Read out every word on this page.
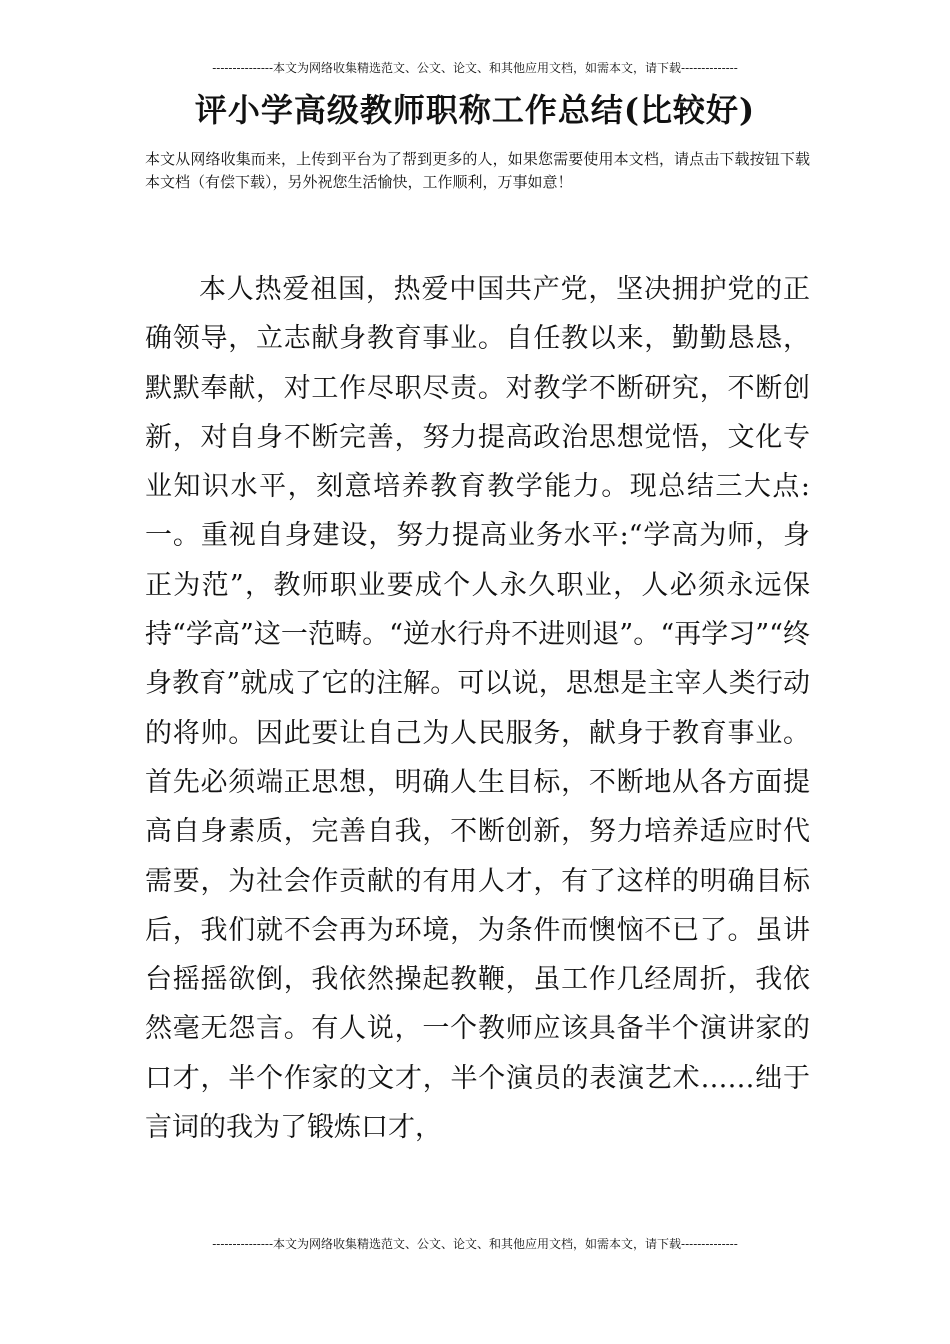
---------------本文为网络收集精选范文、公文、论文、和其他应用文档，如需本文，请下载--------------
评小学高级教师职称工作总结(比较好)

本文从网络收集而来，上传到平台为了帮到更多的人，如果您需要使用本文档，请点击下载按钮下载本文档（有偿下载），另外祝您生活愉快，工作顺利，万事如意！

本人热爱祖国，热爱中国共产党，坚决拥护党的正确领导，立志献身教育事业。自任教以来，勤勤恳恳，默默奉献，对工作尽职尽责。对教学不断研究，不断创新，对自身不断完善，努力提高政治思想觉悟，文化专业知识水平，刻意培养教育教学能力。现总结三大点:一。重视自身建设，努力提高业务水平:“学高为师，身正为范”，教师职业要成个人永久职业，人必须永远保持“学高”这一范畴。“逆水行舟不进则退”。“再学习”“终身教育”就成了它的注解。可以说，思想是主宰人类行动的将帅。因此要让自己为人民服务，献身于教育事业。首先必须端正思想，明确人生目标，不断地从各方面提高自身素质，完善自我，不断创新，努力培养适应时代需要，为社会作贡献的有用人才，有了这样的明确目标后，我们就不会再为环境，为条件而懊恼不已了。虽讲台摇摇欲倒，我依然操起教鞭，虽工作几经周折，我依然毫无怨言。有人说，一个教师应该具备半个演讲家的口才，半个作家的文才，半个演员的表演艺术……绌于言词的我为了锻炼口才，

---------------本文为网络收集精选范文、公文、论文、和其他应用文档，如需本文，请下载--------------
